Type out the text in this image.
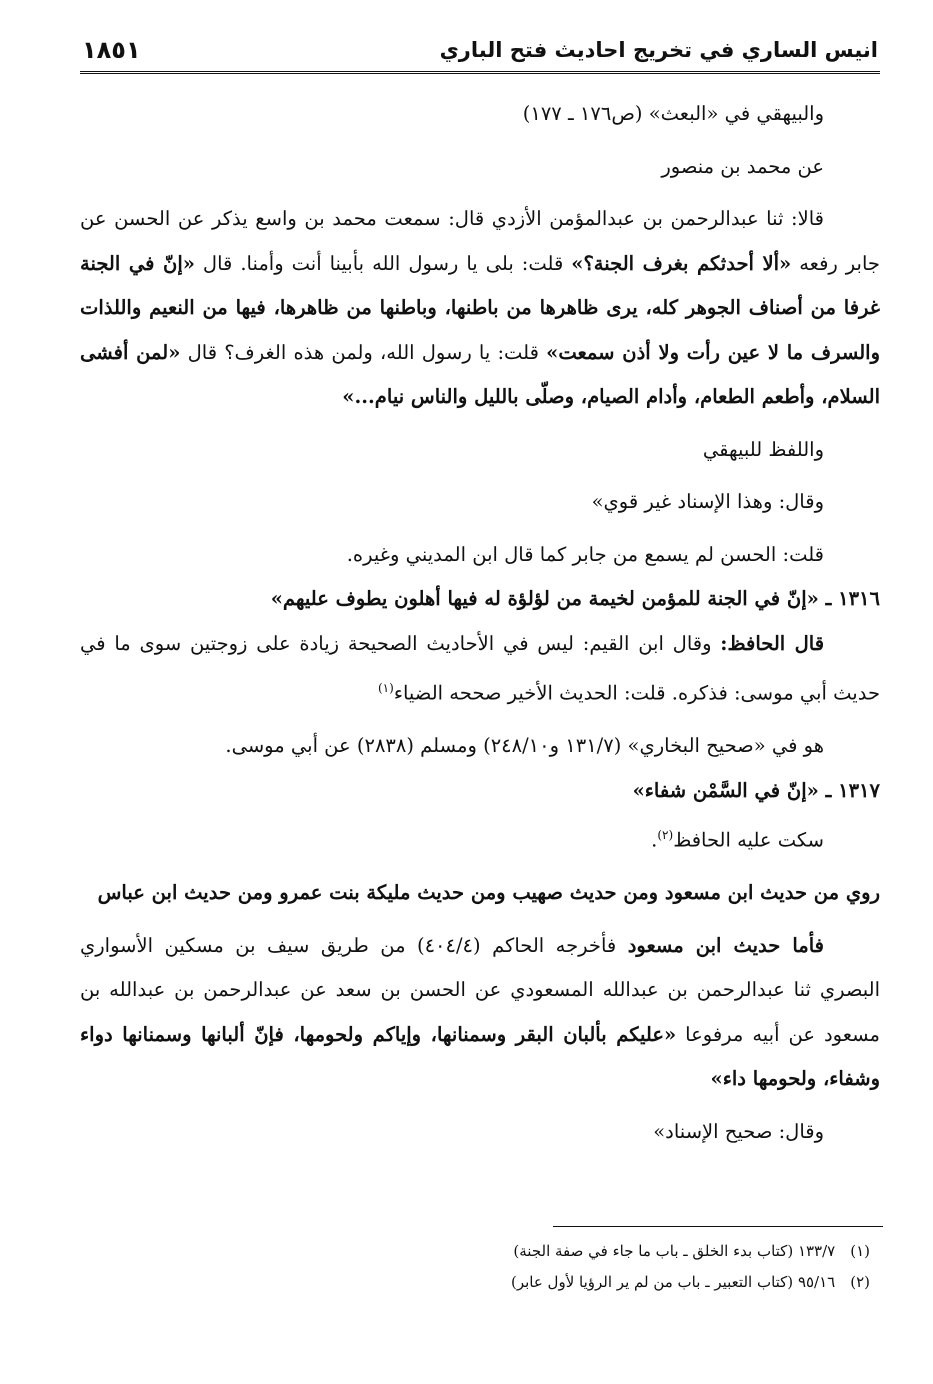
انيس الساري في تخريج احاديث فتح الباري
١٨٥١

والبيهقي في «البعث» (ص١٧٦ ـ ١٧٧)

عن محمد بن منصور

قالا: ثنا عبدالرحمن بن عبدالمؤمن الأزدي قال: سمعت محمد بن واسع يذكر عن الحسن عن جابر رفعه «ألا أحدثكم بغرف الجنة؟» قلت: بلى يا رسول الله بأبينا أنت وأمنا. قال «إنّ في الجنة غرفا من أصناف الجوهر كله، يرى ظاهرها من باطنها، وباطنها من ظاهرها، فيها من النعيم واللذات والسرف ما لا عين رأت ولا أذن سمعت» قلت: يا رسول الله، ولمن هذه الغرف؟ قال «لمن أفشى السلام، وأطعم الطعام، وأدام الصيام، وصلّى بالليل والناس نيام...»

واللفظ للبيهقي

وقال: وهذا الإسناد غير قوي»

قلت: الحسن لم يسمع من جابر كما قال ابن المديني وغيره.

١٣١٦ ـ «إنّ في الجنة للمؤمن لخيمة من لؤلؤة له فيها أهلون يطوف عليهم»

قال الحافظ: وقال ابن القيم: ليس في الأحاديث الصحيحة زيادة على زوجتين سوى ما في حديث أبي موسى: فذكره. قلت: الحديث الأخير صححه الضياء$^{(١)}$

هو في «صحيح البخاري» (١٣١/٧ و٢٤٨/١٠) ومسلم (٢٨٣٨) عن أبي موسى.

١٣١٧ ـ «إنّ في السَّمْن شفاء»

سكت عليه الحافظ$^{(٢)}$.

روي من حديث ابن مسعود ومن حديث صهيب ومن حديث مليكة بنت عمرو ومن حديث ابن عباس

فأما حديث ابن مسعود فأخرجه الحاكم (٤٠٤/٤) من طريق سيف بن مسكين الأسواري البصري ثنا عبدالرحمن بن عبدالله المسعودي عن الحسن بن سعد عن عبدالرحمن بن عبدالله بن مسعود عن أبيه مرفوعا «عليكم بألبان البقر وسمنانها، وإياكم ولحومها، فإنّ ألبانها وسمنانها دواء وشفاء، ولحومها داء»

وقال: صحيح الإسناد»

(١) ١٣٣/٧ (كتاب بدء الخلق ـ باب ما جاء في صفة الجنة)

(٢) ٩٥/١٦ (كتاب التعبير ـ باب من لم ير الرؤيا لأول عابر)
